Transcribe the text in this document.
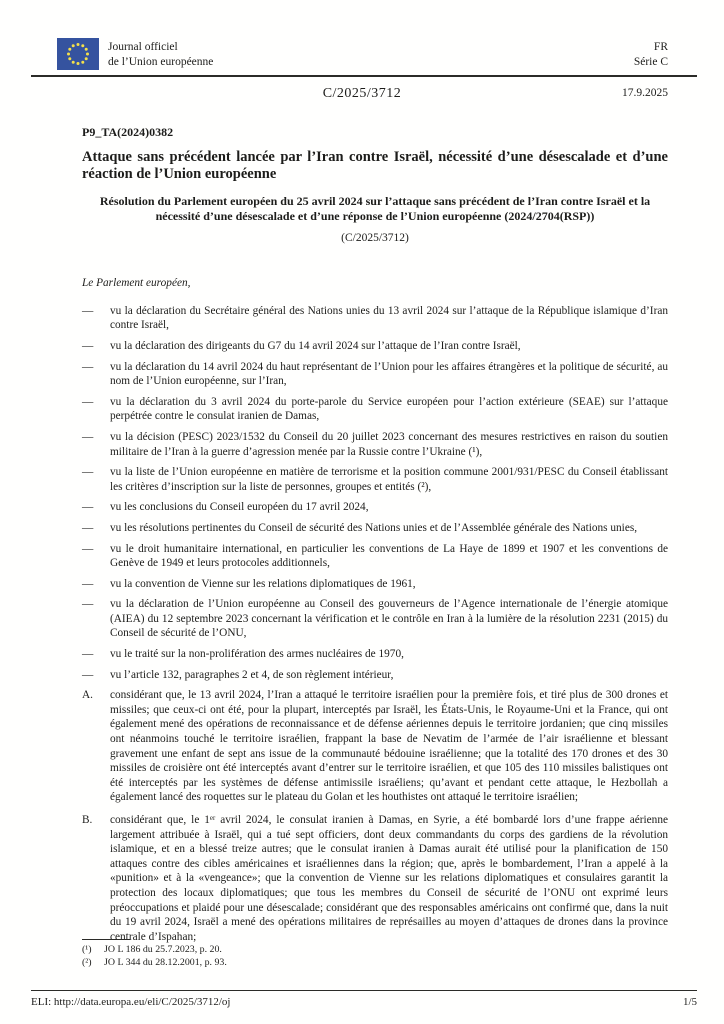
Journal officiel
de l’Union européenne
FR
Série C
C/2025/3712	17.9.2025
P9_TA(2024)0382
Attaque sans précédent lancée par l’Iran contre Israël, nécessité d’une désescalade et d’une réaction de l’Union européenne
Résolution du Parlement européen du 25 avril 2024 sur l’attaque sans précédent de l’Iran contre Israël et la nécessité d’une désescalade et d’une réponse de l’Union européenne (2024/2704(RSP))
(C/2025/3712)
Le Parlement européen,
—	vu la déclaration du Secrétaire général des Nations unies du 13 avril 2024 sur l’attaque de la République islamique d’Iran contre Israël,
—	vu la déclaration des dirigeants du G7 du 14 avril 2024 sur l’attaque de l’Iran contre Israël,
—	vu la déclaration du 14 avril 2024 du haut représentant de l’Union pour les affaires étrangères et la politique de sécurité, au nom de l’Union européenne, sur l’Iran,
—	vu la déclaration du 3 avril 2024 du porte-parole du Service européen pour l’action extérieure (SEAE) sur l’attaque perpétrée contre le consulat iranien de Damas,
—	vu la décision (PESC) 2023/1532 du Conseil du 20 juillet 2023 concernant des mesures restrictives en raison du soutien militaire de l’Iran à la guerre d’agression menée par la Russie contre l’Ukraine (¹),
—	vu la liste de l’Union européenne en matière de terrorisme et la position commune 2001/931/PESC du Conseil établissant les critères d’inscription sur la liste de personnes, groupes et entités (²),
—	vu les conclusions du Conseil européen du 17 avril 2024,
—	vu les résolutions pertinentes du Conseil de sécurité des Nations unies et de l’Assemblée générale des Nations unies,
—	vu le droit humanitaire international, en particulier les conventions de La Haye de 1899 et 1907 et les conventions de Genève de 1949 et leurs protocoles additionnels,
—	vu la convention de Vienne sur les relations diplomatiques de 1961,
—	vu la déclaration de l’Union européenne au Conseil des gouverneurs de l’Agence internationale de l’énergie atomique (AIEA) du 12 septembre 2023 concernant la vérification et le contrôle en Iran à la lumière de la résolution 2231 (2015) du Conseil de sécurité de l’ONU,
—	vu le traité sur la non-prolifération des armes nucléaires de 1970,
—	vu l’article 132, paragraphes 2 et 4, de son règlement intérieur,
A.	considérant que, le 13 avril 2024, l’Iran a attaqué le territoire israélien pour la première fois, et tiré plus de 300 drones et missiles; que ceux-ci ont été, pour la plupart, interceptés par Israël, les États-Unis, le Royaume-Uni et la France, qui ont également mené des opérations de reconnaissance et de défense aériennes depuis le territoire jordanien; que cinq missiles ont néanmoins touché le territoire israélien, frappant la base de Nevatim de l’armée de l’air israélienne et blessant gravement une enfant de sept ans issue de la communauté bédouine israélienne; que la totalité des 170 drones et des 30 missiles de croisière ont été interceptés avant d’entrer sur le territoire israélien, et que 105 des 110 missiles balistiques ont été interceptés par les systèmes de défense antimissile israéliens; qu’avant et pendant cette attaque, le Hezbollah a également lancé des roquettes sur le plateau du Golan et les houthistes ont attaqué le territoire israélien;
B.	considérant que, le 1ᵉʳ avril 2024, le consulat iranien à Damas, en Syrie, a été bombardé lors d’une frappe aérienne largement attribuée à Israël, qui a tué sept officiers, dont deux commandants du corps des gardiens de la révolution islamique, et en a blessé treize autres; que le consulat iranien à Damas aurait été utilisé pour la planification de 150 attaques contre des cibles américaines et israéliennes dans la région; que, après le bombardement, l’Iran a appelé à la «punition» et à la «vengeance»; que la convention de Vienne sur les relations diplomatiques et consulaires garantit la protection des locaux diplomatiques; que tous les membres du Conseil de sécurité de l’ONU ont exprimé leurs préoccupations et plaidé pour une désescalade; considérant que des responsables américains ont confirmé que, dans la nuit du 19 avril 2024, Israël a mené des opérations militaires de représailles au moyen d’attaques de drones dans la province centrale d’Ispahan;
(¹)	JO L 186 du 25.7.2023, p. 20.
(²)	JO L 344 du 28.12.2001, p. 93.
ELI: http://data.europa.eu/eli/C/2025/3712/oj	1/5
